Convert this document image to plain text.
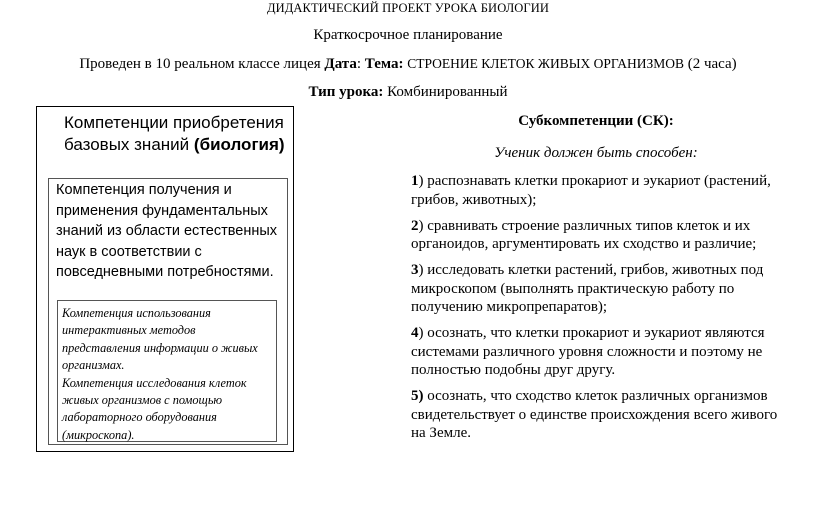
ДИДАКТИЧЕСКИЙ ПРОЕКТ УРОКА БИОЛОГИИ
Краткосрочное планирование
Проведен в 10 реальном классе лицея Дата: Тема: СТРОЕНИЕ КЛЕТОК ЖИВЫХ ОРГАНИЗМОВ (2 часа)
Тип урока: Комбинированный
Компетенции приобретения базовых знаний (биология)
Компетенция получения и применения фундаментальных знаний из области естественных наук в соответствии с повседневными потребностями.

Компетенция использования интерактивных методов представления информации о живых организмах.

Компетенция исследования клеток живых организмов с помощью лабораторного оборудования (микроскопа).

Субкомпетенции (СК):
Ученик должен быть способен:

1) распознавать клетки прокариот и эукариот (растений, грибов, животных);

2) сравнивать строение различных типов клеток и их органоидов, аргументировать их сходство и различие;

3) исследовать клетки растений, грибов, животных под микроскопом (выполнять практическую работу по получению микропрепаратов);

4) осознать, что клетки прокариот и эукариот являются системами различного уровня сложности и поэтому не полностью подобны друг другу.

5) осознать, что сходство клеток различных организмов свидетельствует о единстве происхождения всего живого на Земле.
